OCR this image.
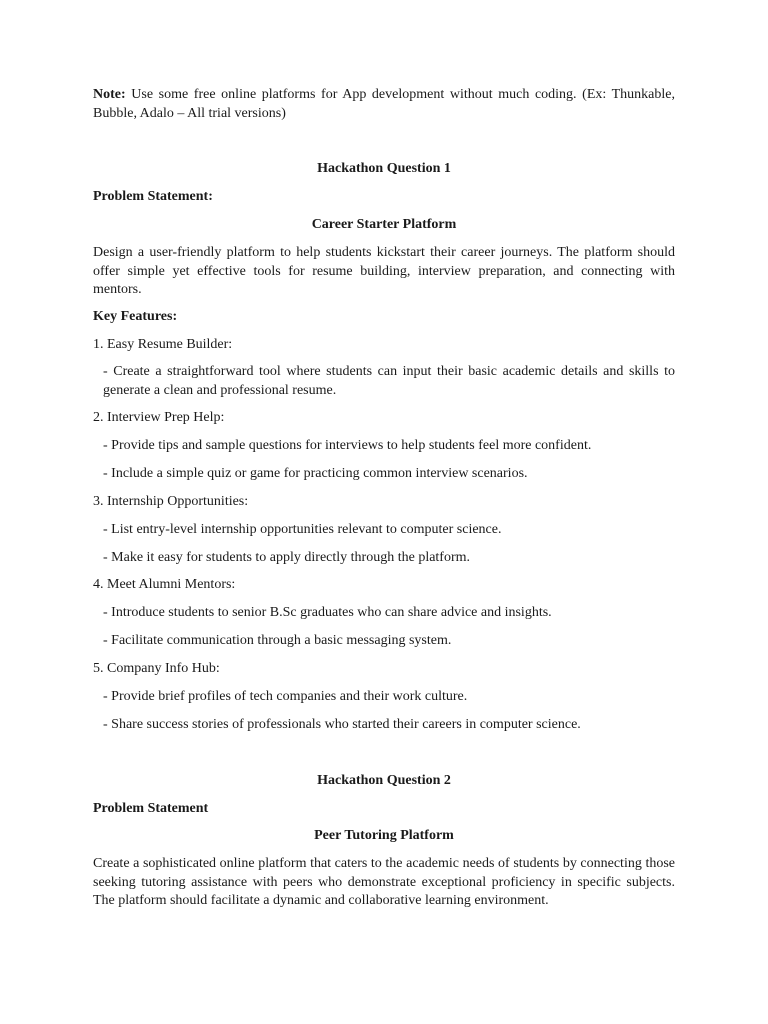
Note: Use some free online platforms for App development without much coding. (Ex: Thunkable, Bubble, Adalo – All trial versions)
Hackathon Question 1
Problem Statement:
Career Starter Platform
Design a user-friendly platform to help students kickstart their career journeys. The platform should offer simple yet effective tools for resume building, interview preparation, and connecting with mentors.
Key Features:
1. Easy Resume Builder:
- Create a straightforward tool where students can input their basic academic details and skills to generate a clean and professional resume.
2. Interview Prep Help:
- Provide tips and sample questions for interviews to help students feel more confident.
- Include a simple quiz or game for practicing common interview scenarios.
3. Internship Opportunities:
- List entry-level internship opportunities relevant to computer science.
- Make it easy for students to apply directly through the platform.
4. Meet Alumni Mentors:
- Introduce students to senior B.Sc graduates who can share advice and insights.
- Facilitate communication through a basic messaging system.
5. Company Info Hub:
- Provide brief profiles of tech companies and their work culture.
- Share success stories of professionals who started their careers in computer science.
Hackathon Question 2
Problem Statement
Peer Tutoring Platform
Create a sophisticated online platform that caters to the academic needs of students by connecting those seeking tutoring assistance with peers who demonstrate exceptional proficiency in specific subjects. The platform should facilitate a dynamic and collaborative learning environment.
